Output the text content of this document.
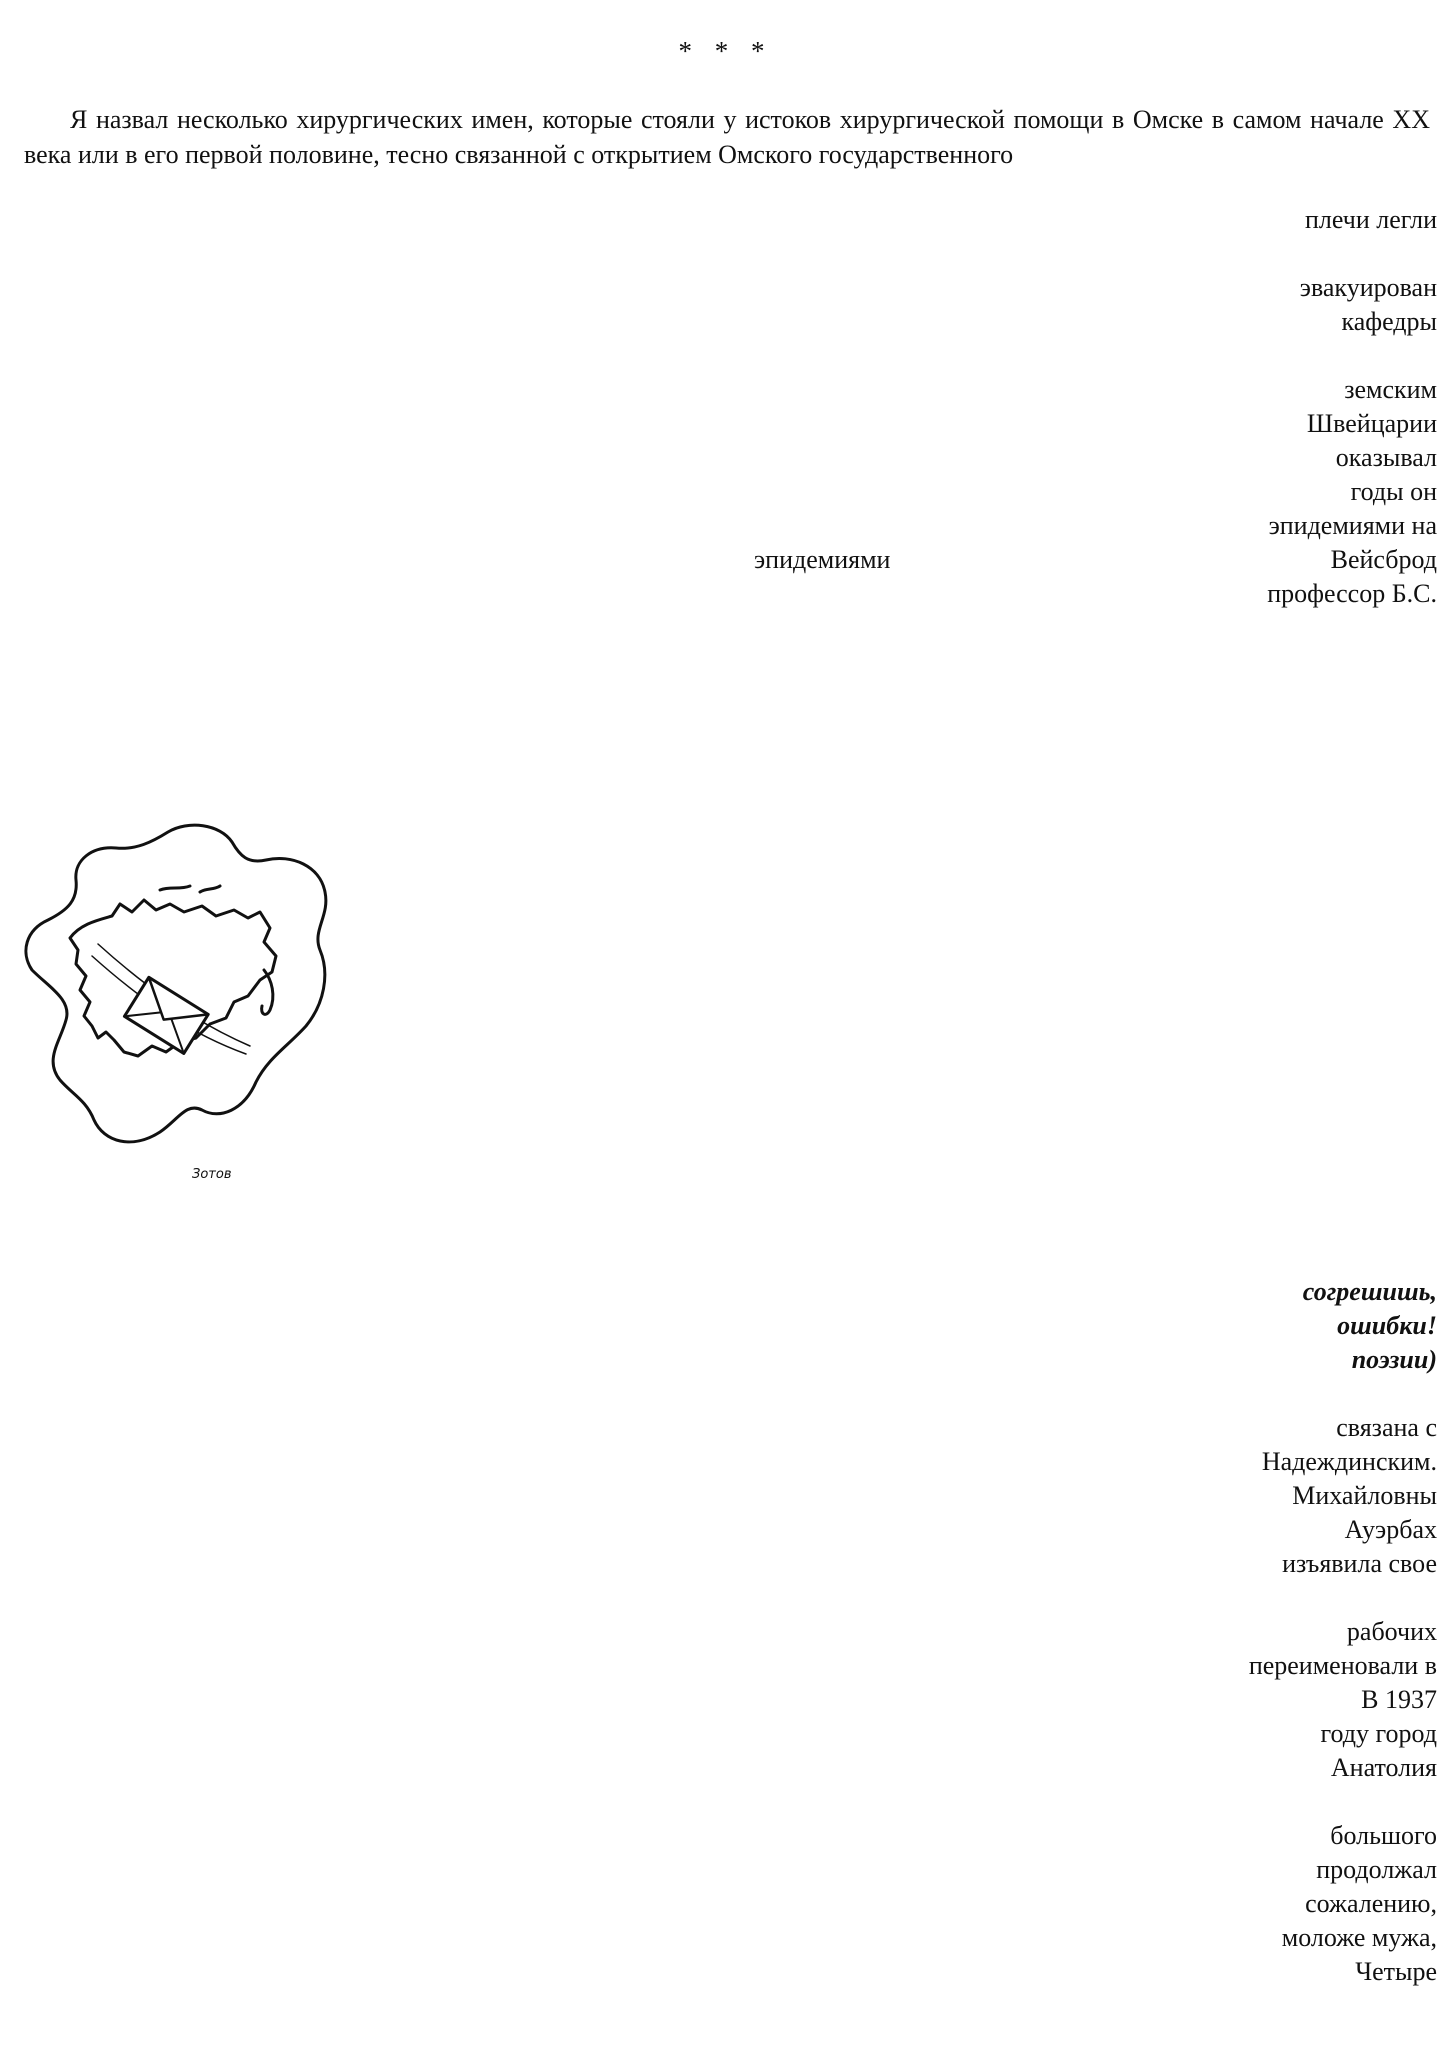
* * *
Я назвал несколько хирургических имен, которые стояли у истоков хирургической помощи в Омске в самом начале XX века или в его первой половине, тесно связанной с открытием Омского государственного
плечи легли
эвакуирован
кафедры
земским
Швейцарии
оказывал
годы он
эпидемиями на
Вейсброд
профессор Б.С.
эпидемиями
Зотов
согрешишь,
ошибки!
поэзии)
связана с
Надеждинским.
Михайловны
Ауэрбах
изъявила свое
рабочих
переименовали в
В 1937
году город
Анатолия
большого
продолжал
сожалению,
моложе мужа,
Четыре
